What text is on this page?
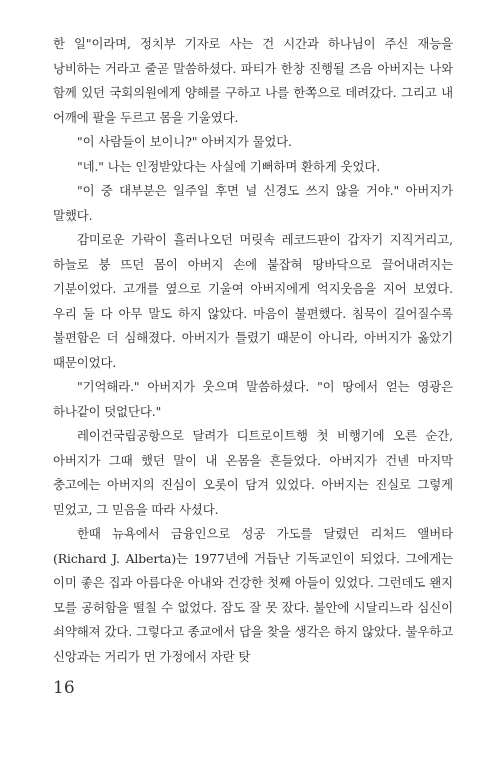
한 일"이라며, 정치부 기자로 사는 건 시간과 하나님이 주신 재능을 낭비하는 거라고 줄곧 말씀하셨다. 파티가 한창 진행될 즈음 아버지는 나와 함께 있던 국회의원에게 양해를 구하고 나를 한쪽으로 데려갔다. 그리고 내 어깨에 팔을 두르고 몸을 기울였다.

"이 사람들이 보이니?" 아버지가 물었다.

"네." 나는 인정받았다는 사실에 기뻐하며 환하게 웃었다.

"이 중 대부분은 일주일 후면 널 신경도 쓰지 않을 거야." 아버지가 말했다.

감미로운 가락이 흘러나오던 머릿속 레코드판이 갑자기 지직거리고, 하늘로 붕 뜨던 몸이 아버지 손에 붙잡혀 땅바닥으로 끌어내려지는 기분이었다. 고개를 옆으로 기울여 아버지에게 억지웃음을 지어 보였다. 우리 둘 다 아무 말도 하지 않았다. 마음이 불편했다. 침묵이 길어질수록 불편함은 더 심해졌다. 아버지가 틀렸기 때문이 아니라, 아버지가 옳았기 때문이었다.

"기억해라." 아버지가 웃으며 말씀하셨다. "이 땅에서 얻는 영광은 하나같이 덧없단다."

레이건국립공항으로 달려가 디트로이트행 첫 비행기에 오른 순간, 아버지가 그때 했던 말이 내 온몸을 흔들었다. 아버지가 건넨 마지막 충고에는 아버지의 진심이 오롯이 담겨 있었다. 아버지는 진실로 그렇게 믿었고, 그 믿음을 따라 사셨다.

한때 뉴욕에서 금융인으로 성공 가도를 달렸던 리처드 앨버타(Richard J. Alberta)는 1977년에 거듭난 기독교인이 되었다. 그에게는 이미 좋은 집과 아름다운 아내와 건강한 첫째 아들이 있었다. 그런데도 왠지 모를 공허함을 떨칠 수 없었다. 잠도 잘 못 잤다. 불안에 시달리느라 심신이 쇠약해져 갔다. 그렇다고 종교에서 답을 찾을 생각은 하지 않았다. 불우하고 신앙과는 거리가 먼 가정에서 자란 탓

16
